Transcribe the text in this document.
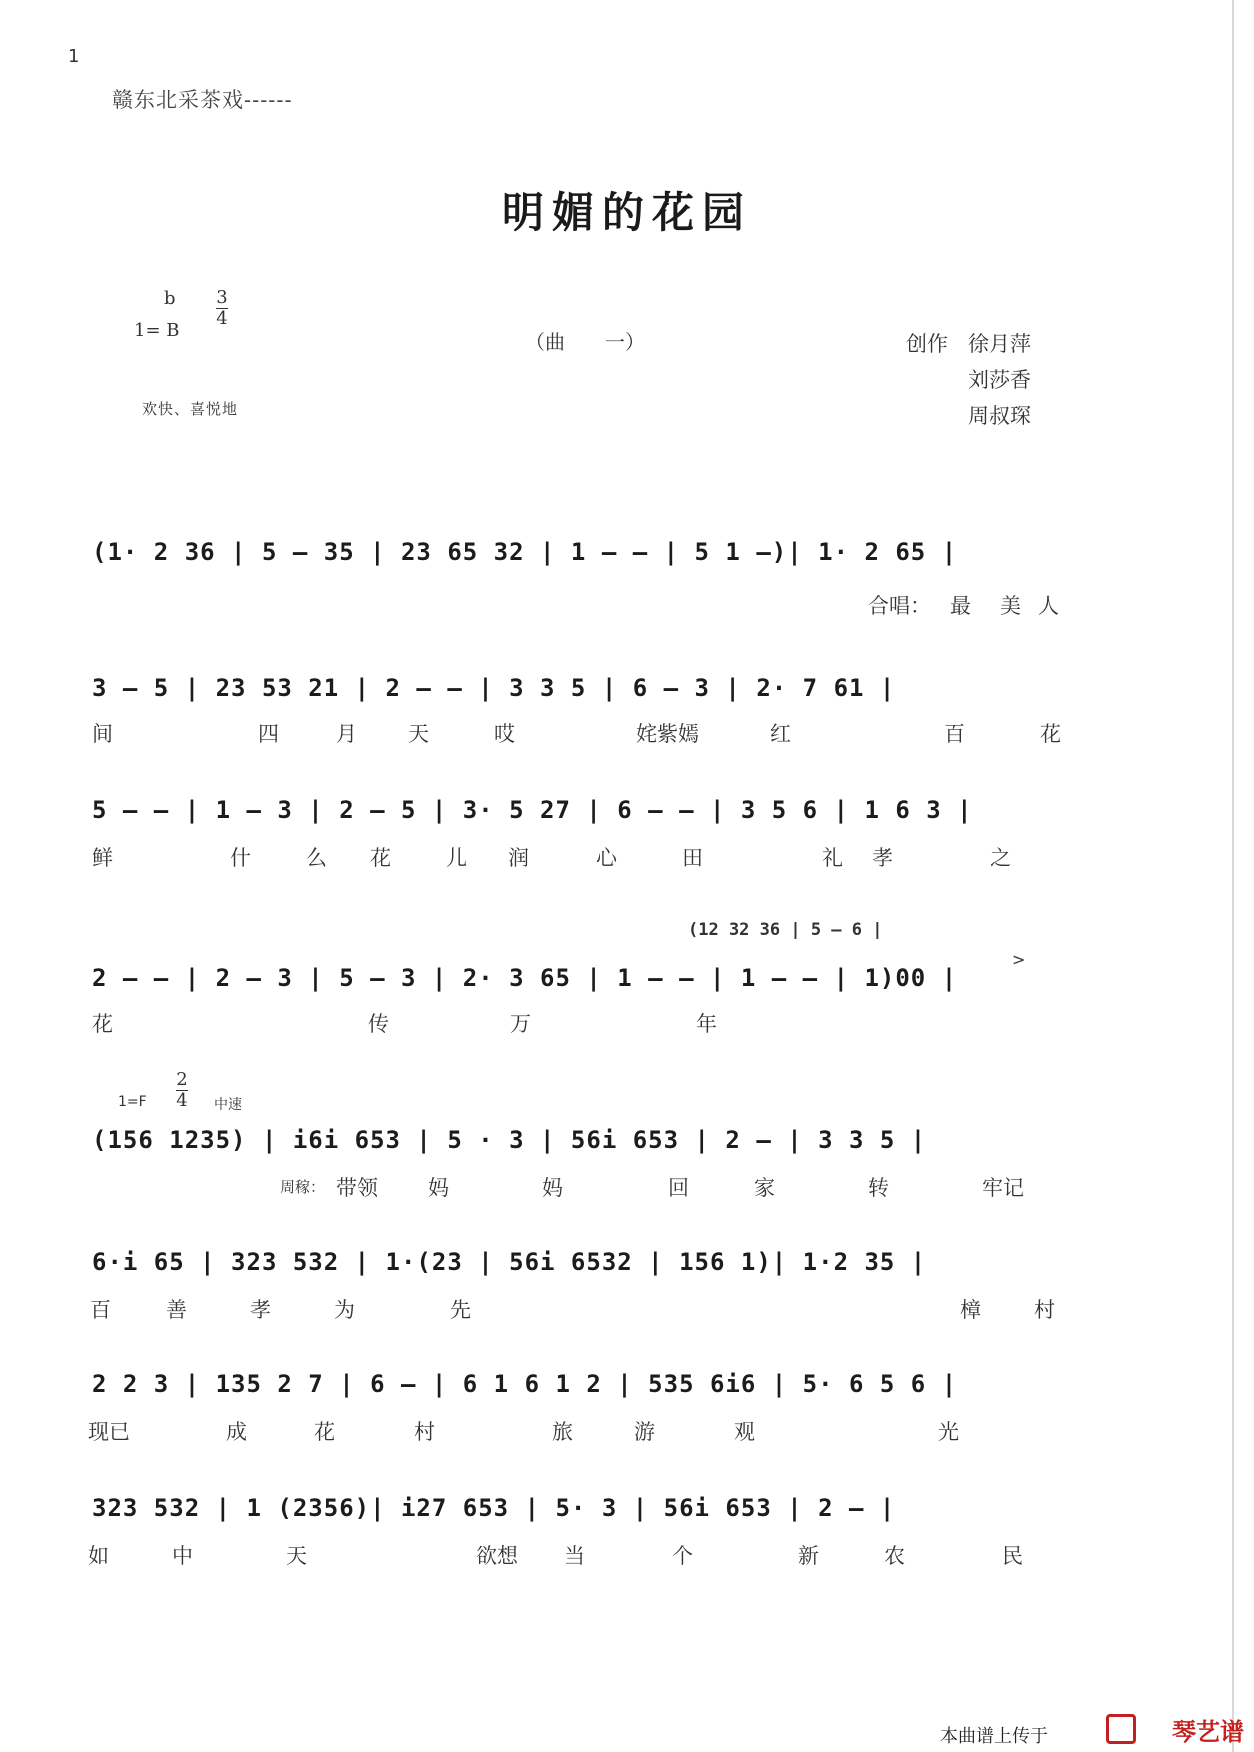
1
赣东北采茶戏------
明媚的花园
b
1= B
3
4
欢快、喜悦地
（曲　　一）	创作 徐月萍
刘莎香
周叔琛
(1· 2 36 | 5 – 35 | 23 65 32 | 1 – – | 5 1 –)| 1· 2 65 |
合唱： 最 美 人
3 – 5 | 23 53 21 | 2 – – | 3 3 5 | 6 – 3 | 2· 7 61 |
间	四	月 天	哎	姹紫嫣	红	百	花
5 – – | 1 – 3 | 2 – 5 | 3· 5 27 | 6 – – | 3 5 6 | 1 6 3 |
鲜	什	么 花	儿 润	心	田	礼 孝	之
(12 32 36 | 5 – 6 |
>
2 – – | 2 – 3 | 5 – 3 | 2· 3 65 | 1 – – | 1 – – | 1)00 |
花	传	万	年
1=F
2
4 中速
(156 1235) | i6i 653 | 5 · 3 | 56i 653 | 2 – | 3 3 5 |
周稼： 带领 妈	妈	回	家	转	牢记
6·i 65 | 323 532 | 1·(23 | 56i 6532 | 156 1)| 1·2 35 |
百	善	孝	为	先	樟	村
2 2 3 | 135 2 7 | 6 – | 6 1 6 1 2 | 535 6i6 | 5· 6 5 6 |
现已	成	花	村	旅	游	观	光
323 532 | 1 (2356)| i27 653 | 5· 3 | 56i 653 | 2 – |
如	中	天	欲想 当	个	新	农	民
本曲谱上传于	琴艺谱
